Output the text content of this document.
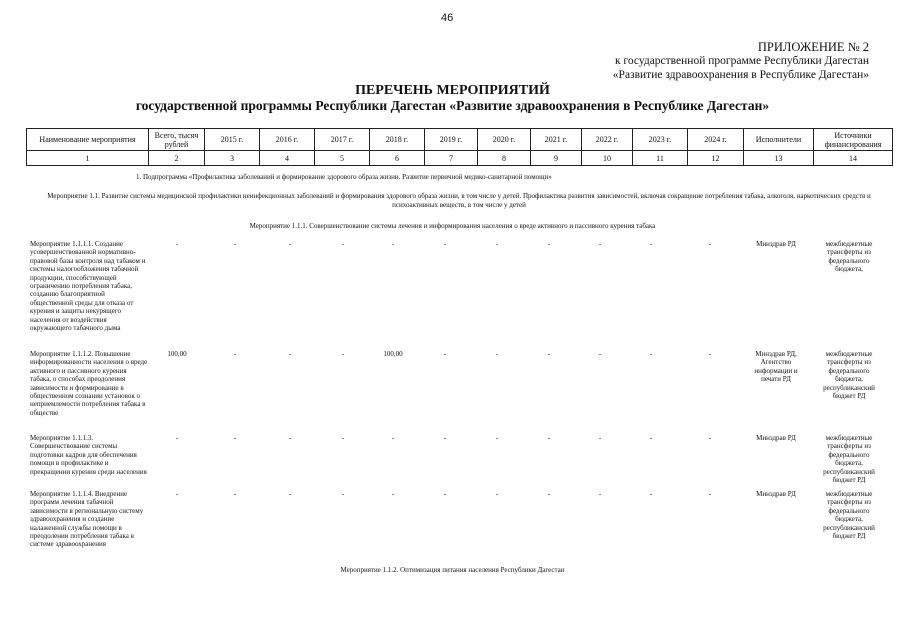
46
ПРИЛОЖЕНИЕ № 2
к государственной программе Республики Дагестан
«Развитие здравоохранения в Республике Дагестан»
ПЕРЕЧЕНЬ МЕРОПРИЯТИЙ
государственной программы Республики Дагестан «Развитие здравоохранения в Республике Дагестан»
Наименование мероприятия	Всего, тысяч рублей	2015 г.	2016 г.	2017 г.	2018 г.	2019 г.	2020 г.	2021 г.	2022 г.	2023 г.	2024 г.	Исполнители	Источники финансирования
1	2	3	4	5	6	7	8	9	10	11	12	13	14
1. Подпрограмма «Профилактика заболеваний и формирование здорового образа жизни. Развитие первичной медико-санитарной помощи»
Мероприятие 1.1. Развитие системы медицинской профилактики неинфекционных заболеваний и формирования здорового образа жизни, в том числе у детей. Профилактика развития зависимостей, включая сокращение потребления табака, алкоголя, наркотических средств и психоактивных веществ, в том числе у детей
Мероприятие 1.1.1. Совершенствование системы лечения и информирования населения о вреде активного и пассивного курения табака
Мероприятие 1.1.1.1. Создание усовершенствованной нормативно-правовой базы контроля над табаком и системы налогообложения табачной продукции, способствующей ограничению потребления табака, созданию благоприятной общественной среды для отказа от курения и защиты некурящего населения от воздействия окружающего табачного дыма
-	-	-	-	-	-	-	-	-	-	-	Минздрав РД	межбюджетные трансферты из федерального бюджета,
Мероприятие 1.1.1.2. Повышение информированности населения о вреде активного и пассивного курения табака, о способах преодоления зависимости и формирование в общественном сознании установок о неприемлемости потребления табака в обществе
100,00	-	-	-	100,00	-	-	-	-	-	-	Минздрав РД, Агентство информации и печати РД
межбюджетные трансферты из федерального бюджета, республиканский бюджет РД
Мероприятие 1.1.1.3. Совершенствование системы подготовки кадров для обеспечения помощи в профилактике и прекращении курения среди населения
-	-	-	-	-	-	-	-	-	-	-	Минздрав РД	межбюджетные трансферты из федерального бюджета, республиканский бюджет РД
Мероприятие 1.1.1.4. Внедрение программ лечения табачной зависимости в региональную систему здравоохранения и создание налаженной службы помощи в преодолении потребления табака в системе здравоохранения
-	-	-	-	-	-	-	-	-	-	-	Минздрав РД	межбюджетные трансферты из федерального бюджета, республиканский бюджет РД
Мероприятие 1.1.2. Оптимизация питания населения Республики Дагестан
